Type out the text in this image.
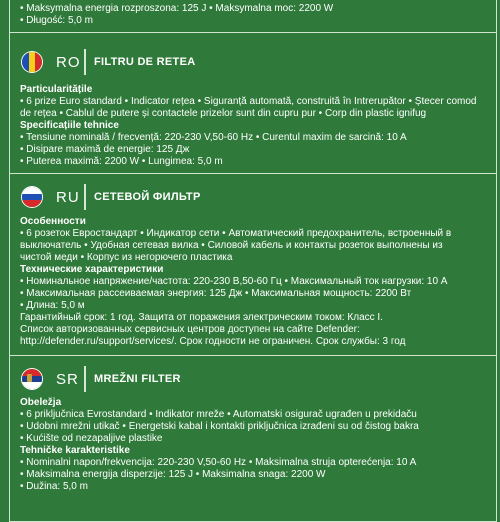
• Maksymalna energia rozproszona: 125 J • Maksymalna moc: 2200 W
• Długość: 5,0 m
RO FILTRU DE RETEA
Particularitățile
• 6 prize Euro standard • Indicator rețea • Siguranță automată, construită în Intrerupător • Ștecer comod
de rețea • Cablul de putere și contactele prizelor sunt din cupru pur • Corp din plastic ignifug
Specificațiile tehnice
• Tensiune nominală / frecvență: 220-230 V,50-60 Hz • Curentul maxim de sarcină: 10 A
• Disipare maximă de energie: 125 Дж
• Puterea maximă: 2200 W • Lungimea: 5,0 m
RU СЕТЕВОЙ ФИЛЬТР
Особенности
• 6 розеток Евростандарт • Индикатор сети • Автоматический предохранитель, встроенный в
выключатель • Удобная сетевая вилка • Силовой кабель и контакты розеток выполнены из
чистой меди • Корпус из негорючего пластика
Технические характеристики
• Номинальное напряжение/частота: 220-230 В,50-60 Гц • Максимальный ток нагрузки: 10 А
• Максимальная рассеиваемая энергия: 125 Дж • Максимальная мощность: 2200 Вт
• Длина: 5,0 м
Гарантийный срок: 1 год. Защита от поражения электрическим током: Класс I.
Список авторизованных сервисных центров доступен на сайте Defender:
http://defender.ru/support/services/. Срок годности не ограничен. Срок службы: 3 год
SR MREŽNI FILTER
Obeležja
• 6 priključnica Evrostandard • Indikator mreže • Automatski osigurač ugrađen u prekidaču
• Udobni mrežni utikač • Energetski kabal i kontakti priključnica izrađeni su od čistog bakra
• Kućište od nezapaljive plastike
Tehničke karakteristike
• Nominalni napon/frekvencija: 220-230 V,50-60 Hz • Maksimalna struja opterećenja: 10 A
• Maksimalna energija disperzije: 125 J • Maksimalna snaga: 2200 W
• Dužina: 5,0 m
